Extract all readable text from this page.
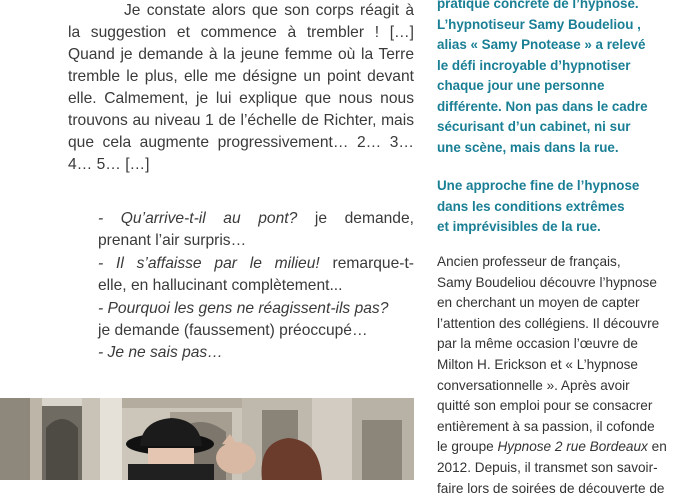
Je constate alors que son corps réagit à la suggestion et commence à trembler ! […] Quand je demande à la jeune femme où la Terre tremble le plus, elle me désigne un point devant elle. Calmement, je lui explique que nous nous trouvons au niveau 1 de l’échelle de Richter, mais que cela augmente progressivement… 2… 3… 4… 5… […]

- Qu’arrive-t-il au pont? je demande,

prenant l’air surpris…

- Il s’affaisse par le milieu! remarque-t-

elle, en hallucinant complètement...

- Pourquoi les gens ne réagissent-ils pas?

je demande (faussement) préoccupé…

- Je ne sais pas…

pratique concrète de l’hypnose.
L’hypnotiseur Samy Boudeliou ,
alias « Samy Pnotease » a relevé
le défi incroyable d’hypnotiser
chaque jour une personne
différente. Non pas dans le cadre
sécurisant d’un cabinet, ni sur
une scène, mais dans la rue.

Une approche fine de l’hypnose
dans les conditions extrêmes
et imprévisibles de la rue.

Ancien professeur de français,
Samy Boudeliou découvre l’hypnose
en cherchant un moyen de capter
l’attention des collégiens. Il découvre
par la même occasion l’œuvre de
Milton H. Erickson et « L’hypnose
conversationnelle ». Après avoir
quitté son emploi pour se consacrer
entièrement à sa passion, il cofonde
le groupe Hypnose 2 rue Bordeaux en
2012. Depuis, il transmet son savoir-
faire lors de soirées de découverte de
